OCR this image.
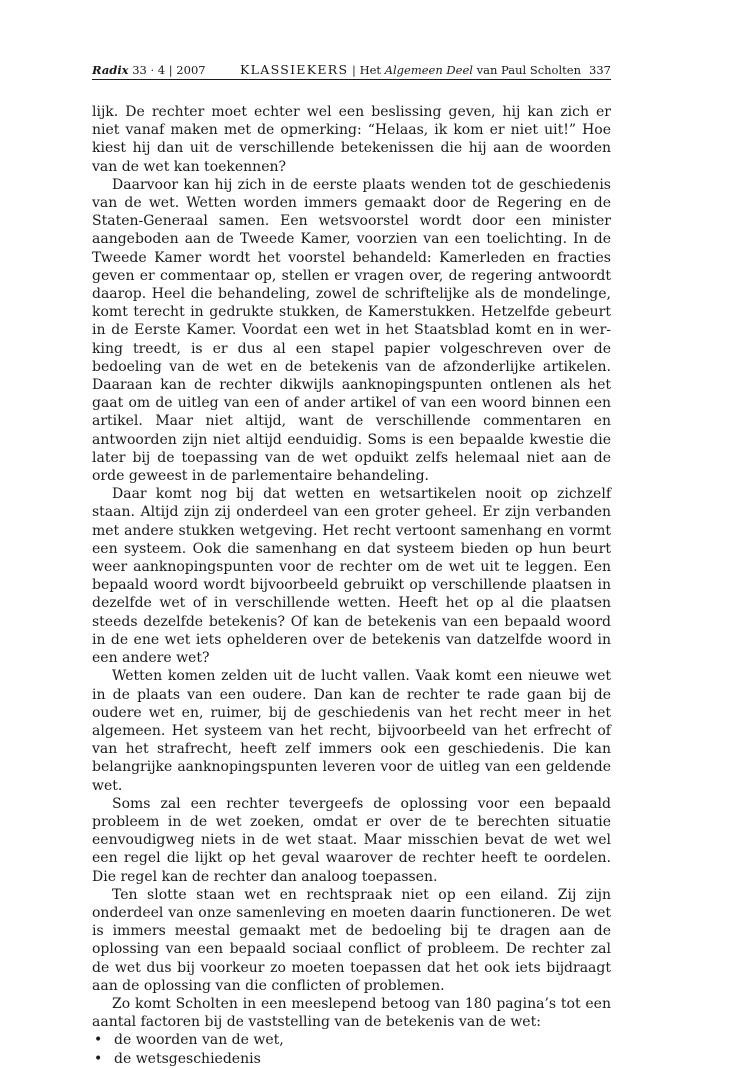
Radix 33 · 4 | 2007	KLASSIEKERS | Het Algemeen Deel van Paul Scholten 337

lijk. De rechter moet echter wel een beslissing geven, hij kan zich er niet vanaf maken met de opmerking: “Helaas, ik kom er niet uit!” Hoe kiest hij dan uit de verschillende betekenissen die hij aan de woorden van de wet kan toekennen?

Daarvoor kan hij zich in de eerste plaats wenden tot de geschiedenis van de wet. Wetten worden immers gemaakt door de Regering en de Staten-Generaal samen. Een wetsvoorstel wordt door een minister aangeboden aan de Tweede Kamer, voorzien van een toelichting. In de Tweede Kamer wordt het voorstel behandeld: Kamerleden en fracties geven er commentaar op, stellen er vragen over, de regering antwoordt daarop. Heel die behandeling, zowel de schriftelijke als de mondelinge, komt terecht in gedrukte stukken, de Kamerstukken. Hetzelfde gebeurt in de Eerste Kamer. Voordat een wet in het Staatsblad komt en in werking treedt, is er dus al een stapel papier volgeschreven over de bedoeling van de wet en de betekenis van de afzonderlijke artikelen. Daaraan kan de rechter dikwijls aanknopingspunten ontlenen als het gaat om de uitleg van een of ander artikel of van een woord binnen een artikel. Maar niet altijd, want de verschillende commentaren en antwoorden zijn niet altijd eenduidig. Soms is een bepaalde kwestie die later bij de toepassing van de wet opduikt zelfs helemaal niet aan de orde geweest in de parlementaire behandeling.

Daar komt nog bij dat wetten en wetsartikelen nooit op zichzelf staan. Altijd zijn zij onderdeel van een groter geheel. Er zijn verbanden met andere stukken wetgeving. Het recht vertoont samenhang en vormt een systeem. Ook die samenhang en dat systeem bieden op hun beurt weer aanknopingspunten voor de rechter om de wet uit te leggen. Een bepaald woord wordt bijvoorbeeld gebruikt op verschillende plaatsen in dezelfde wet of in verschillende wetten. Heeft het op al die plaatsen steeds dezelfde betekenis? Of kan de betekenis van een bepaald woord in de ene wet iets ophelderen over de betekenis van datzelfde woord in een andere wet?

Wetten komen zelden uit de lucht vallen. Vaak komt een nieuwe wet in de plaats van een oudere. Dan kan de rechter te rade gaan bij de oudere wet en, ruimer, bij de geschiedenis van het recht meer in het algemeen. Het systeem van het recht, bijvoorbeeld van het erfrecht of van het strafrecht, heeft zelf immers ook een geschiedenis. Die kan belangrijke aanknopingspunten leveren voor de uitleg van een geldende wet.

Soms zal een rechter tevergeefs de oplossing voor een bepaald probleem in de wet zoeken, omdat er over de te berechten situatie eenvoudigweg niets in de wet staat. Maar misschien bevat de wet wel een regel die lijkt op het geval waarover de rechter heeft te oordelen. Die regel kan de rechter dan analoog toepassen.

Ten slotte staan wet en rechtspraak niet op een eiland. Zij zijn onderdeel van onze samenleving en moeten daarin functioneren. De wet is immers meestal gemaakt met de bedoeling bij te dragen aan de oplossing van een bepaald sociaal conflict of probleem. De rechter zal de wet dus bij voorkeur zo moeten toepassen dat het ook iets bijdraagt aan de oplossing van die conflicten of problemen.

Zo komt Scholten in een meeslepend betoog van 180 pagina’s tot een aantal factoren bij de vaststelling van de betekenis van de wet:

• de woorden van de wet,
• de wetsgeschiedenis
